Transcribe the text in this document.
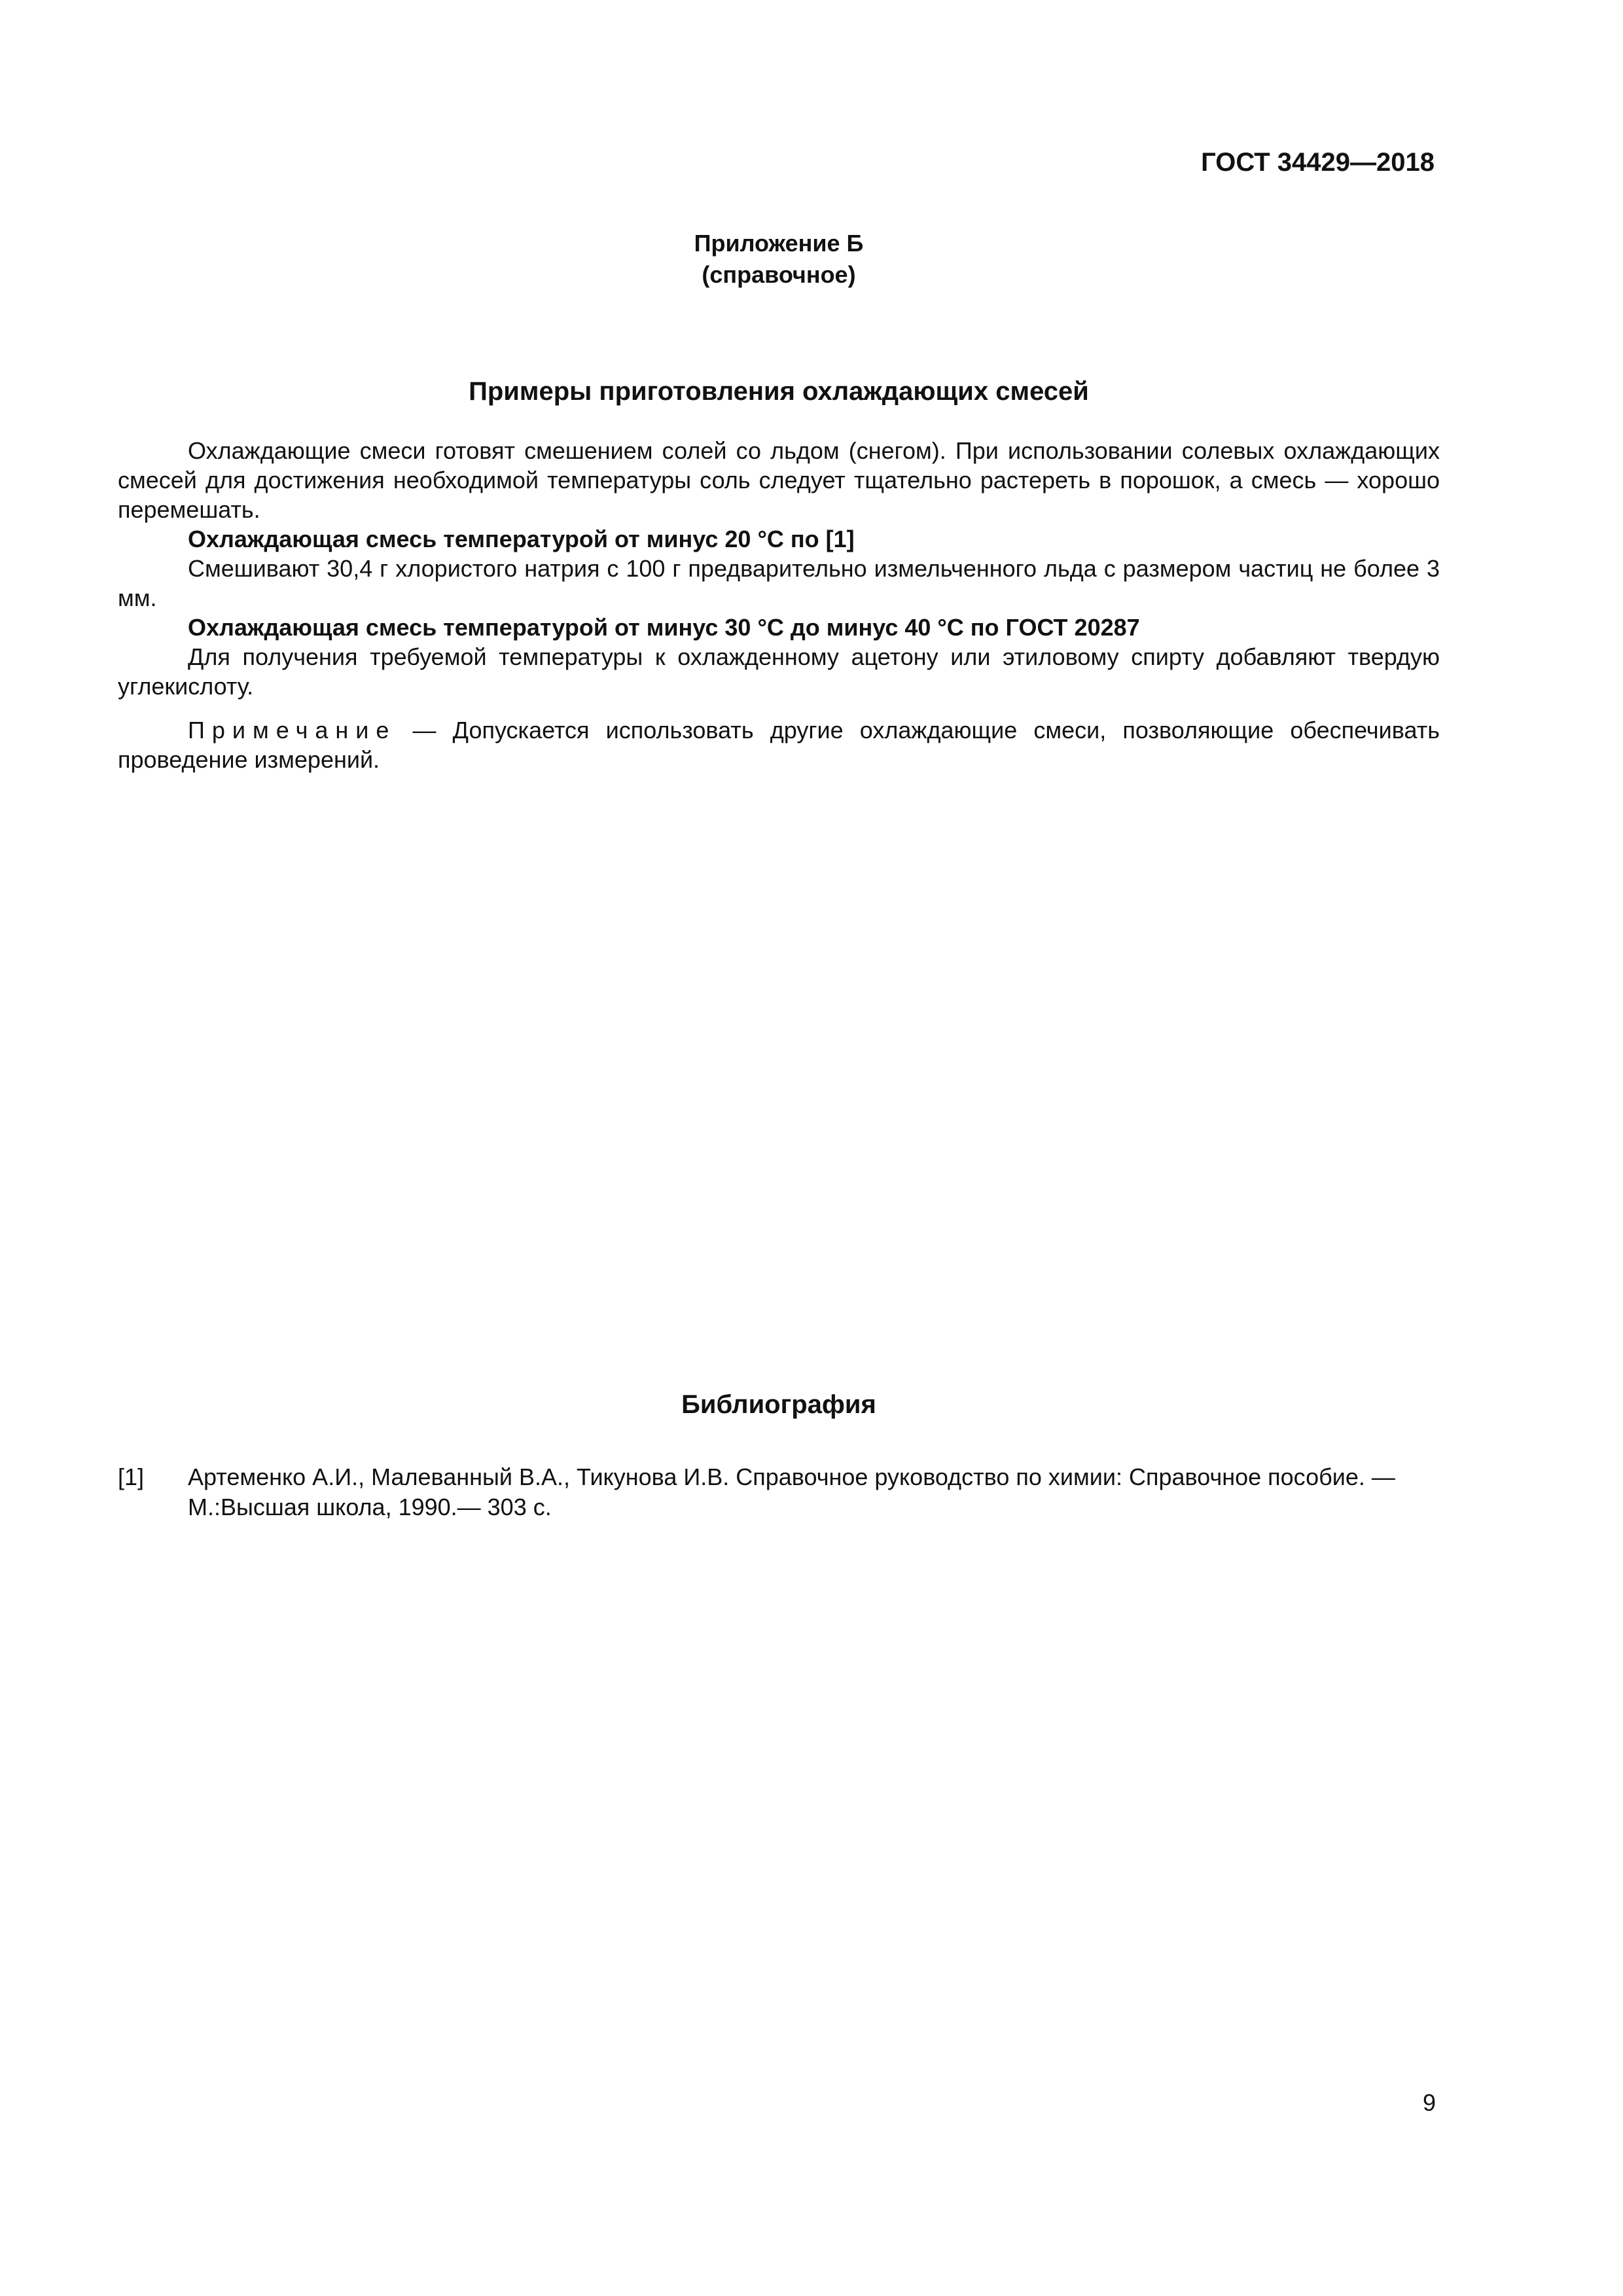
ГОСТ 34429—2018
Приложение Б
(справочное)
Примеры приготовления охлаждающих смесей

Охлаждающие смеси готовят смешением солей со льдом (снегом). При использовании солевых охлаждающих смесей для достижения необходимой температуры соль следует тщательно растереть в порошок, а смесь — хорошо перемешать.

Охлаждающая смесь температурой от минус 20 °С по [1]

Смешивают 30,4 г хлористого натрия с 100 г предварительно измельченного льда с размером частиц не более 3 мм.

Охлаждающая смесь температурой от минус 30 °С до минус 40 °С по ГОСТ 20287

Для получения требуемой температуры к охлажденному ацетону или этиловому спирту добавляют твердую углекислоту.

Примечание — Допускается использовать другие охлаждающие смеси, позволяющие обеспечивать проведение измерений.

Библиография
[1]	Артеменко А.И., Малеванный В.А., Тикунова И.В. Справочное руководство по химии: Справочное пособие. — М.:Высшая школа, 1990.— 303 с.
9
